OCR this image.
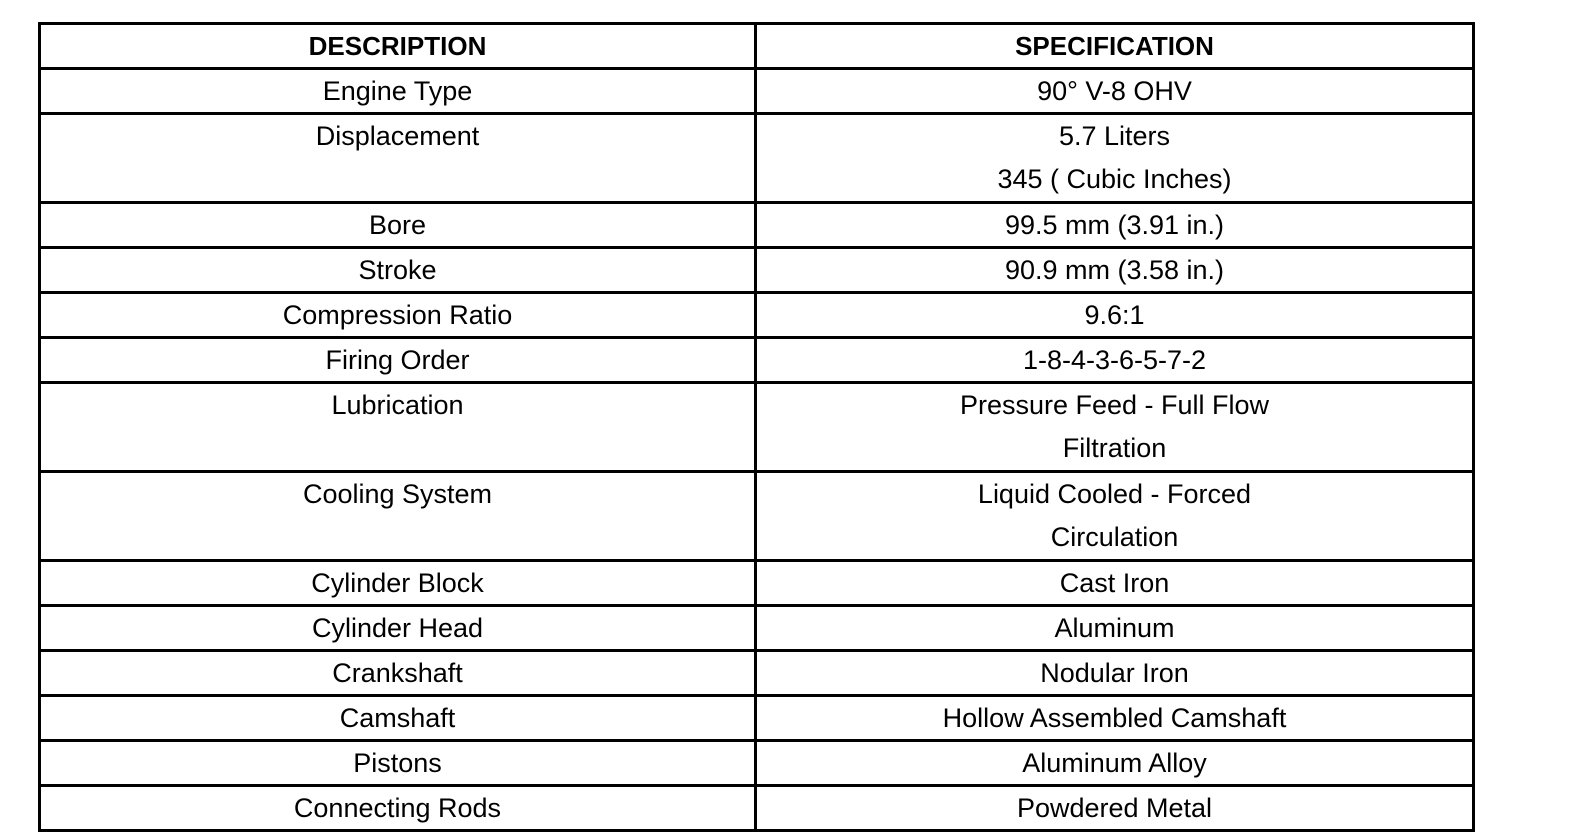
DESCRIPTION	SPECIFICATION
Engine Type	90° V-8 OHV

Displacement	5.7 Liters
345 ( Cubic Inches)

Bore	99.5 mm (3.91 in.)

Stroke	90.9 mm (3.58 in.)

Compression Ratio	9.6:1

Firing Order	1-8-4-3-6-5-7-2

Lubrication	Pressure Feed - Full Flow
Filtration

Cooling System	Liquid Cooled - Forced
Circulation

Cylinder Block	Cast Iron

Cylinder Head	Aluminum

Crankshaft	Nodular Iron

Camshaft	Hollow Assembled Camshaft

Pistons	Aluminum Alloy

Connecting Rods	Powdered Metal
